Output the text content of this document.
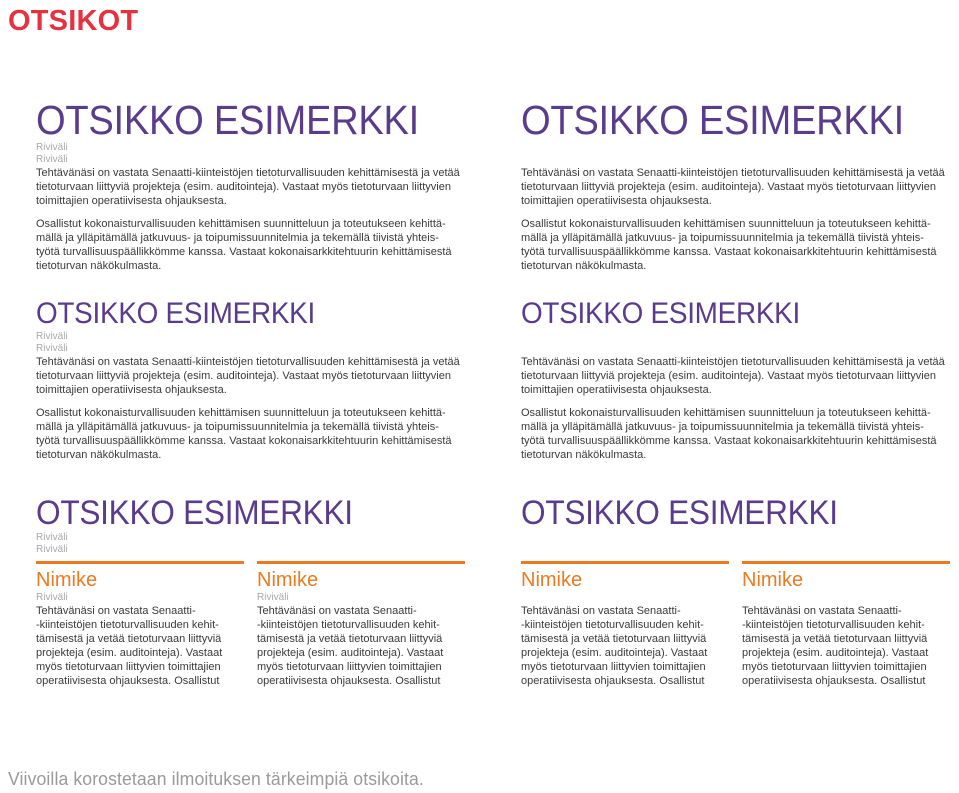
OTSIKOT
OTSIKKO ESIMERKKI
Riviväli
Riviväli

Tehtävänäsi on vastata Senaatti-kiinteistöjen tietoturvallisuuden kehittämisestä ja vetää
tietoturvaan liittyviä projekteja (esim. auditointeja). Vastaat myös tietoturvaan liittyvien
toimittajien operatiivisesta ohjauksesta.

Osallistut kokonaisturvallisuuden kehittämisen suunnitteluun ja toteutukseen kehittä-
mällä ja ylläpitämällä jatkuvuus- ja toipumissuunnitelmia ja tekemällä tiivistä yhteis-
työtä turvallisuuspäällikkömme kanssa. Vastaat kokonaisarkkitehtuurin kehittämisestä
tietoturvan näkökulmasta.

OTSIKKO ESIMERKKI

Tehtävänäsi on vastata Senaatti-kiinteistöjen tietoturvallisuuden kehittämisestä ja vetää
tietoturvaan liittyviä projekteja (esim. auditointeja). Vastaat myös tietoturvaan liittyvien
toimittajien operatiivisesta ohjauksesta.

Osallistut kokonaisturvallisuuden kehittämisen suunnitteluun ja toteutukseen kehittä-
mällä ja ylläpitämällä jatkuvuus- ja toipumissuunnitelmia ja tekemällä tiivistä yhteis-
työtä turvallisuuspäällikkömme kanssa. Vastaat kokonaisarkkitehtuurin kehittämisestä
tietoturvan näkökulmasta.

OTSIKKO ESIMERKKI
Riviväli
Riviväli

Tehtävänäsi on vastata Senaatti-kiinteistöjen tietoturvallisuuden kehittämisestä ja vetää
tietoturvaan liittyviä projekteja (esim. auditointeja). Vastaat myös tietoturvaan liittyvien
toimittajien operatiivisesta ohjauksesta.

Osallistut kokonaisturvallisuuden kehittämisen suunnitteluun ja toteutukseen kehittä-
mällä ja ylläpitämällä jatkuvuus- ja toipumissuunnitelmia ja tekemällä tiivistä yhteis-
työtä turvallisuuspäällikkömme kanssa. Vastaat kokonaisarkkitehtuurin kehittämisestä
tietoturvan näkökulmasta.

OTSIKKO ESIMERKKI

Tehtävänäsi on vastata Senaatti-kiinteistöjen tietoturvallisuuden kehittämisestä ja vetää
tietoturvaan liittyviä projekteja (esim. auditointeja). Vastaat myös tietoturvaan liittyvien
toimittajien operatiivisesta ohjauksesta.

Osallistut kokonaisturvallisuuden kehittämisen suunnitteluun ja toteutukseen kehittä-
mällä ja ylläpitämällä jatkuvuus- ja toipumissuunnitelmia ja tekemällä tiivistä yhteis-
työtä turvallisuuspäällikkömme kanssa. Vastaat kokonaisarkkitehtuurin kehittämisestä
tietoturvan näkökulmasta.

OTSIKKO ESIMERKKI
Riviväli
Riviväli
OTSIKKO ESIMERKKI
Nimike
Riviväli

Tehtävänäsi on vastata Senaatti-
-kiinteistöjen tietoturvallisuuden kehit-
tämisestä ja vetää tietoturvaan liittyviä
projekteja (esim. auditointeja). Vastaat
myös tietoturvaan liittyvien toimittajien
operatiivisesta ohjauksesta. Osallistut

Nimike
Riviväli

Tehtävänäsi on vastata Senaatti-
-kiinteistöjen tietoturvallisuuden kehit-
tämisestä ja vetää tietoturvaan liittyviä
projekteja (esim. auditointeja). Vastaat
myös tietoturvaan liittyvien toimittajien
operatiivisesta ohjauksesta. Osallistut

Nimike

Tehtävänäsi on vastata Senaatti-
-kiinteistöjen tietoturvallisuuden kehit-
tämisestä ja vetää tietoturvaan liittyviä
projekteja (esim. auditointeja). Vastaat
myös tietoturvaan liittyvien toimittajien
operatiivisesta ohjauksesta. Osallistut

Nimike

Tehtävänäsi on vastata Senaatti-
-kiinteistöjen tietoturvallisuuden kehit-
tämisestä ja vetää tietoturvaan liittyviä
projekteja (esim. auditointeja). Vastaat
myös tietoturvaan liittyvien toimittajien
operatiivisesta ohjauksesta. Osallistut

Viivoilla korostetaan ilmoituksen tärkeimpiä otsikoita.
